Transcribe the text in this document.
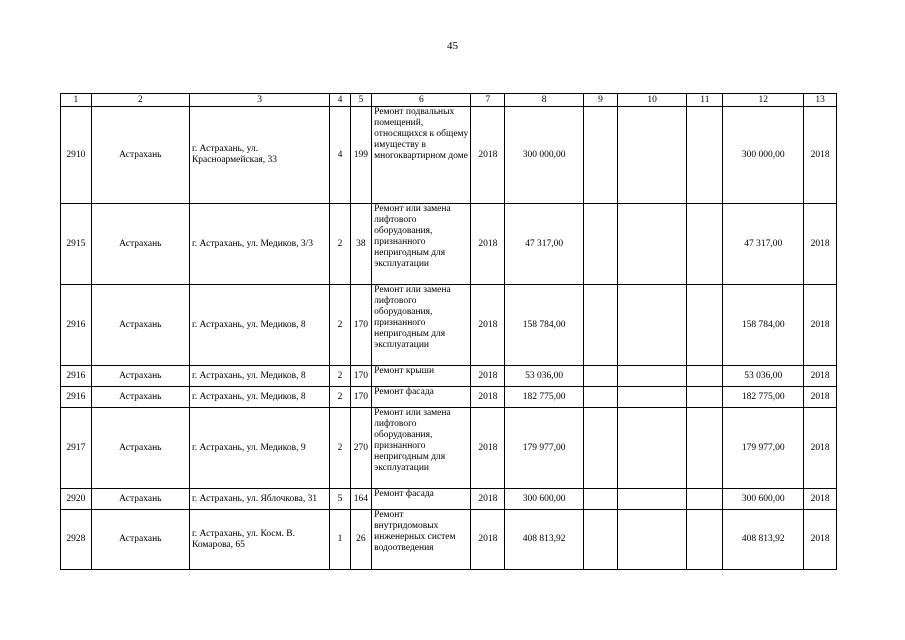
45
1	2	3	4	5	6	7	8	9	10	11	12	13
2910	Астрахань	г. Астрахань, ул. Красноармейская, 33	4	199	Ремонт подвальных помещений, относящихся к общему имуществу в многоквартирном доме	2018	300 000,00				300 000,00	2018
2915	Астрахань	г. Астрахань, ул. Медиков, 3/3	2	38	Ремонт или замена лифтового оборудования, признанного непригодным для эксплуатации	2018	47 317,00				47 317,00	2018
2916	Астрахань	г. Астрахань, ул. Медиков, 8	2	170	Ремонт или замена лифтового оборудования, признанного непригодным для эксплуатации	2018	158 784,00				158 784,00	2018
2916	Астрахань	г. Астрахань, ул. Медиков, 8	2	170	Ремонт крыши	2018	53 036,00				53 036,00	2018
2916	Астрахань	г. Астрахань, ул. Медиков, 8	2	170	Ремонт фасада	2018	182 775,00				182 775,00	2018
2917	Астрахань	г. Астрахань, ул. Медиков, 9	2	270	Ремонт или замена лифтового оборудования, признанного непригодным для эксплуатации	2018	179 977,00				179 977,00	2018
2920	Астрахань	г. Астрахань, ул. Яблочкова, 31	5	164	Ремонт фасада	2018	300 600,00				300 600,00	2018
2928	Астрахань	г. Астрахань, ул. Косм. В. Комарова, 65	1	26	Ремонт внутридомовых инженерных систем водоотведения	2018	408 813,92				408 813,92	2018
